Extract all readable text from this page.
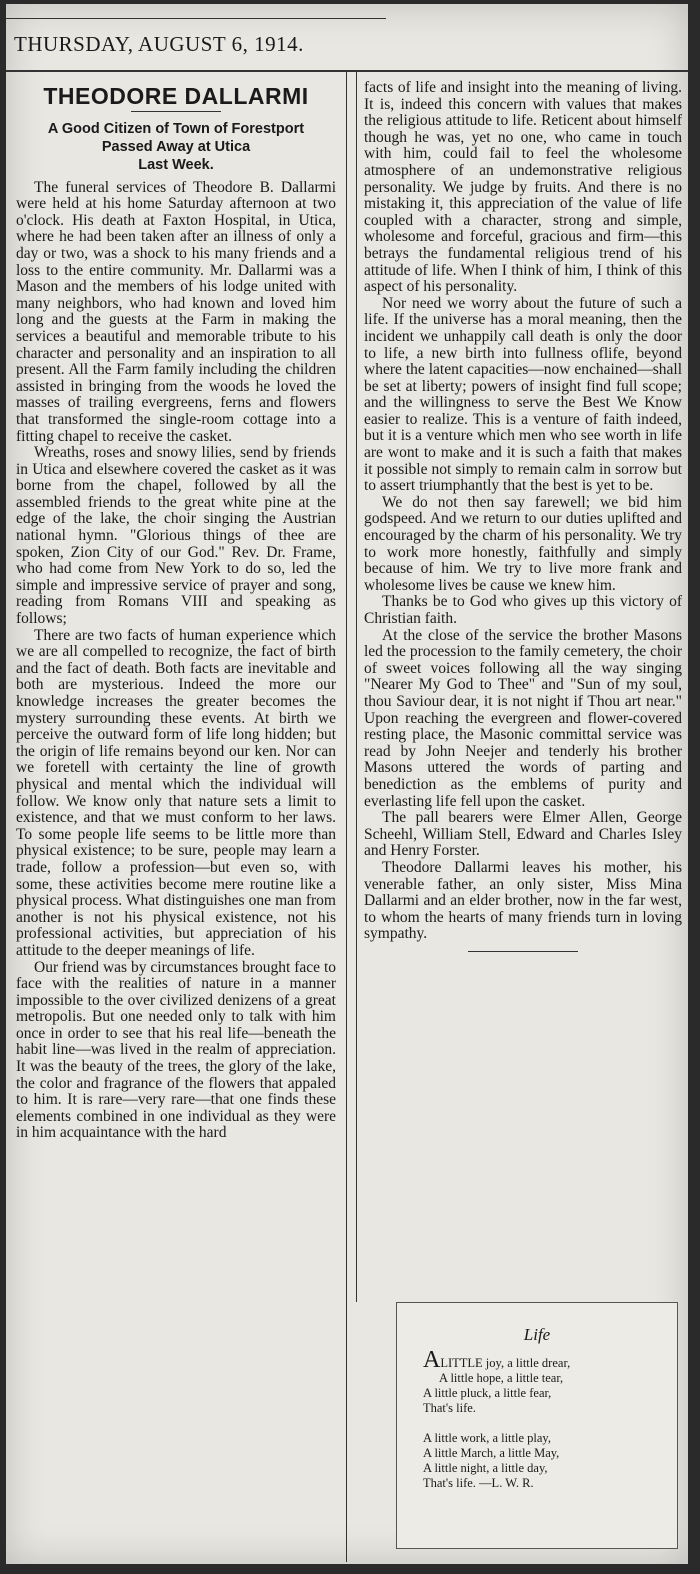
THURSDAY, AUGUST 6, 1914.
THEODORE DALLARMI
A Good Citizen of Town of Forestport
Passed Away at Utica
Last Week.

The funeral services of Theodore B. Dallarmi were held at his home Saturday afternoon at two o'clock. His death at Faxton Hospital, in Utica, where he had been taken after an illness of only a day or two, was a shock to his many friends and a loss to the entire community. Mr. Dallarmi was a Mason and the members of his lodge united with many neighbors, who had known and loved him long and the guests at the Farm in making the services a beautiful and memorable tribute to his character and personality and an inspiration to all present. All the Farm family including the children assisted in bringing from the woods he loved the masses of trailing evergreens, ferns and flowers that transformed the single-room cottage into a fitting chapel to receive the casket.

Wreaths, roses and snowy lilies, send by friends in Utica and elsewhere covered the casket as it was borne from the chapel, followed by all the assembled friends to the great white pine at the edge of the lake, the choir singing the Austrian national hymn. "Glorious things of thee are spoken, Zion City of our God." Rev. Dr. Frame, who had come from New York to do so, led the simple and impressive service of prayer and song, reading from Romans VIII and speaking as follows;

There are two facts of human experience which we are all compelled to recognize, the fact of birth and the fact of death. Both facts are inevitable and both are mysterious. Indeed the more our knowledge increases the greater becomes the mystery surrounding these events. At birth we perceive the outward form of life long hidden; but the origin of life remains beyond our ken. Nor can we foretell with certainty the line of growth physical and mental which the individual will follow. We know only that nature sets a limit to existence, and that we must conform to her laws. To some people life seems to be little more than physical existence; to be sure, people may learn a trade, follow a profession—but even so, with some, these activities become mere routine like a physical process. What distinguishes one man from another is not his physical existence, not his professional activities, but appreciation of his attitude to the deeper meanings of life.

Our friend was by circumstances brought face to face with the realities of nature in a manner impossible to the over civilized denizens of a great metropolis. But one needed only to talk with him once in order to see that his real life—beneath the habit line—was lived in the realm of appreciation. It was the beauty of the trees, the glory of the lake, the color and fragrance of the flowers that appaled to him. It is rare—very rare—that one finds these elements combined in one individual as they were in him acquaintance with the hard

facts of life and insight into the meaning of living. It is, indeed this concern with values that makes the religious attitude to life. Reticent about himself though he was, yet no one, who came in touch with him, could fail to feel the wholesome atmosphere of an undemonstrative religious personality. We judge by fruits. And there is no mistaking it, this appreciation of the value of life coupled with a character, strong and simple, wholesome and forceful, gracious and firm—this betrays the fundamental religious trend of his attitude of life. When I think of him, I think of this aspect of his personality.

Nor need we worry about the future of such a life. If the universe has a moral meaning, then the incident we unhappily call death is only the door to life, a new birth into fullness oflife, beyond where the latent capacities—now enchained—shall be set at liberty; powers of insight find full scope; and the willingness to serve the Best We Know easier to realize. This is a venture of faith indeed, but it is a venture which men who see worth in life are wont to make and it is such a faith that makes it possible not simply to remain calm in sorrow but to assert triumphantly that the best is yet to be.

We do not then say farewell; we bid him godspeed. And we return to our duties uplifted and encouraged by the charm of his personality. We try to work more honestly, faithfully and simply because of him. We try to live more frank and wholesome lives be cause we knew him.

Thanks be to God who gives up this victory of Christian faith.

At the close of the service the brother Masons led the procession to the family cemetery, the choir of sweet voices following all the way singing "Nearer My God to Thee" and "Sun of my soul, thou Saviour dear, it is not night if Thou art near." Upon reaching the evergreen and flower-covered resting place, the Masonic committal service was read by John Neejer and tenderly his brother Masons uttered the words of parting and benediction as the emblems of purity and everlasting life fell upon the casket.

The pall bearers were Elmer Allen, George Scheehl, William Stell, Edward and Charles Isley and Henry Forster.

Theodore Dallarmi leaves his mother, his venerable father, an only sister, Miss Mina Dallarmi and an elder brother, now in the far west, to whom the hearts of many friends turn in loving sympathy.

Life
ALITTLE joy, a little drear,
A little hope, a little tear,
A little pluck, a little fear,
That's life.
A little work, a little play,
A little March, a little May,
A little night, a little day,
That's life. —L. W. R.
